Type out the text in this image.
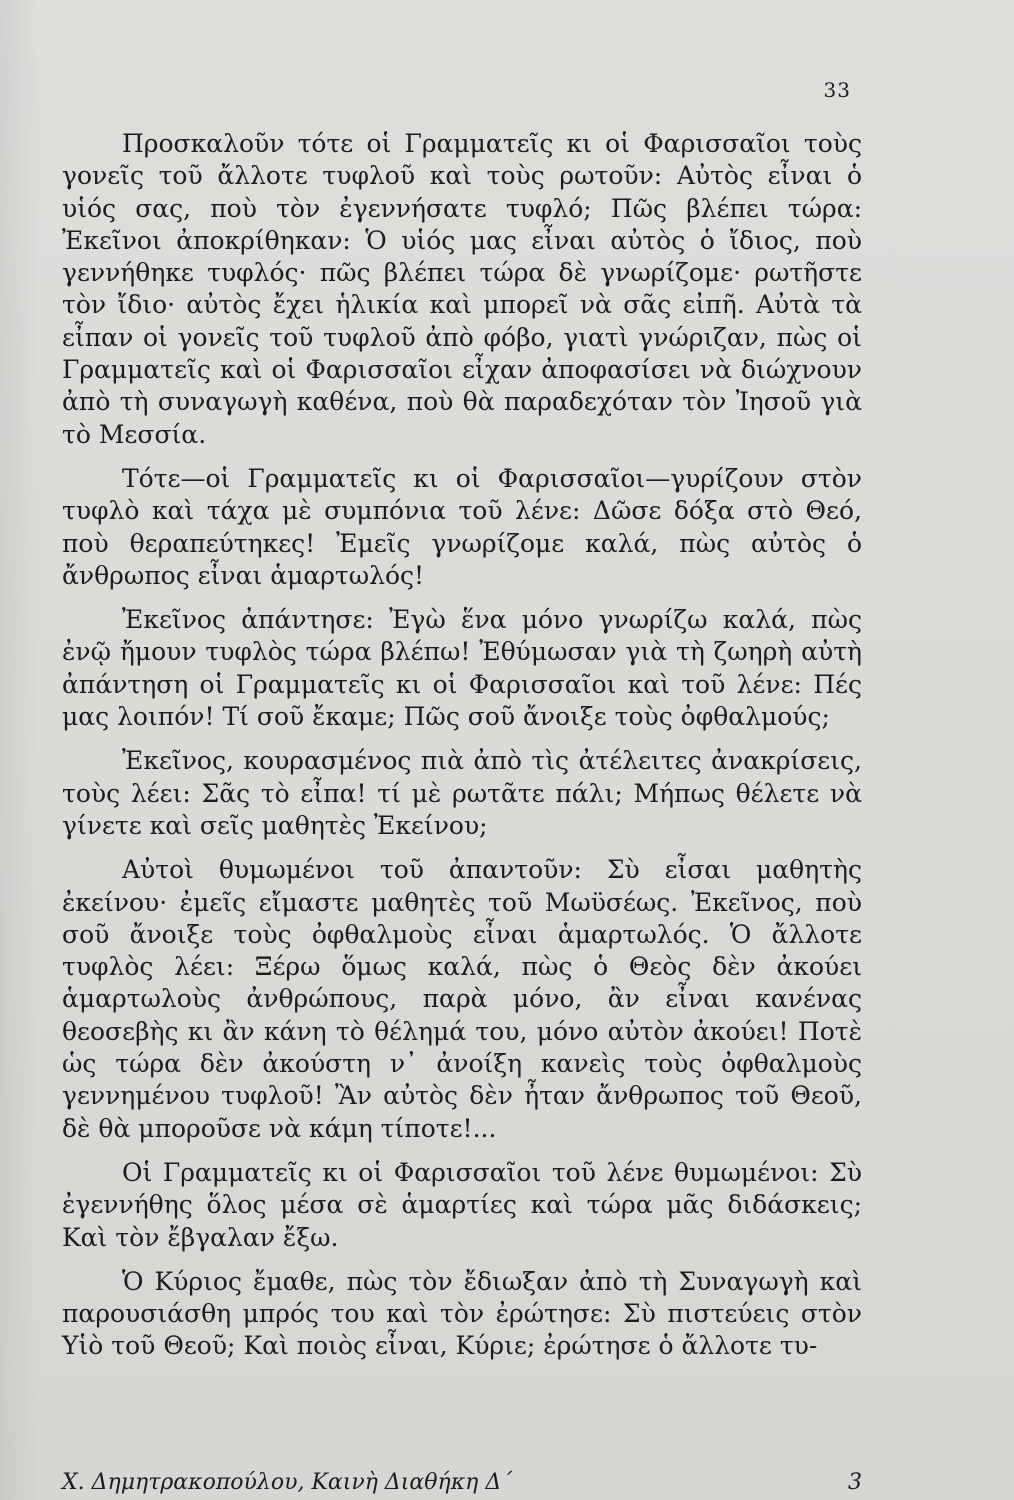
33

Προσκαλοῦν τότε οἱ Γραμματεῖς κι οἱ Φαρισσαῖοι τοὺς γονεῖς τοῦ ἄλλοτε τυφλοῦ καὶ τοὺς ρωτοῦν: Αὐτὸς εἶναι ὁ υἱός σας, ποὺ τὸν ἐγεννήσατε τυφλό; Πῶς βλέπει τώρα: Ἐκεῖνοι ἀποκρίθηκαν: Ὁ υἱός μας εἶναι αὐτὸς ὁ ἴδιος, ποὺ γεννήθηκε τυφλός· πῶς βλέπει τώρα δὲ γνωρίζομε· ρωτῆστε τὸν ἴδιο· αὐτὸς ἔχει ἡλικία καὶ μπορεῖ νὰ σᾶς εἰπῆ. Αὐτὰ τὰ εἶπαν οἱ γονεῖς τοῦ τυφλοῦ ἀπὸ φόβο, γιατὶ γνώριζαν, πὼς οἱ Γραμματεῖς καὶ οἱ Φαρισσαῖοι εἶχαν ἀποφασίσει νὰ διώχνουν ἀπὸ τὴ συναγωγὴ καθένα, ποὺ θὰ παραδεχόταν τὸν Ἰησοῦ γιὰ τὸ Μεσσία.

Τότε—οἱ Γραμματεῖς κι οἱ Φαρισσαῖοι—γυρίζουν στὸν τυφλὸ καὶ τάχα μὲ συμπόνια τοῦ λένε: Δῶσε δόξα στὸ Θεό, ποὺ θεραπεύτηκες! Ἐμεῖς γνωρίζομε καλά, πὼς αὐτὸς ὁ ἄνθρωπος εἶναι ἁμαρτωλός!

Ἐκεῖνος ἀπάντησε: Ἐγὼ ἕνα μόνο γνωρίζω καλά, πὼς ἐνῷ ἤμουν τυφλὸς τώρα βλέπω! Ἐθύμωσαν γιὰ τὴ ζωηρὴ αὐτὴ ἀπάντηση οἱ Γραμματεῖς κι οἱ Φαρισσαῖοι καὶ τοῦ λένε: Πές μας λοιπόν! Τί σοῦ ἔκαμε; Πῶς σοῦ ἄνοιξε τοὺς ὀφθαλμούς;

Ἐκεῖνος, κουρασμένος πιὰ ἀπὸ τὶς ἀτέλειτες ἀνακρίσεις, τοὺς λέει: Σᾶς τὸ εἶπα! τί μὲ ρωτᾶτε πάλι; Μήπως θέλετε νὰ γίνετε καὶ σεῖς μαθητὲς Ἐκείνου;

Αὐτοὶ θυμωμένοι τοῦ ἀπαντοῦν: Σὺ εἶσαι μαθητὴς ἐκείνου· ἐμεῖς εἴμαστε μαθητὲς τοῦ Μωϋσέως. Ἐκεῖνος, ποὺ σοῦ ἄνοιξε τοὺς ὀφθαλμοὺς εἶναι ἁμαρτωλός. Ὁ ἄλλοτε τυφλὸς λέει: Ξέρω ὅμως καλά, πὼς ὁ Θεὸς δὲν ἀκούει ἁμαρτωλοὺς ἀνθρώπους, παρὰ μόνο, ἂν εἶναι κανένας θεοσεβὴς κι ἂν κάνη τὸ θέλημά του, μόνο αὐτὸν ἀκούει! Ποτὲ ὡς τώρα δὲν ἀκούστη ν᾽ ἀνοίξη κανεὶς τοὺς ὀφθαλμοὺς γεννημένου τυφλοῦ! Ἂν αὐτὸς δὲν ἦταν ἄνθρωπος τοῦ Θεοῦ, δὲ θὰ μποροῦσε νὰ κάμη τίποτε!...

Οἱ Γραμματεῖς κι οἱ Φαρισσαῖοι τοῦ λένε θυμωμένοι: Σὺ ἐγεννήθης ὅλος μέσα σὲ ἁμαρτίες καὶ τώρα μᾶς διδάσκεις; Καὶ τὸν ἔβγαλαν ἔξω.

Ὁ Κύριος ἔμαθε, πὼς τὸν ἔδιωξαν ἀπὸ τὴ Συναγωγὴ καὶ παρουσιάσθη μπρός του καὶ τὸν ἐρώτησε: Σὺ πιστεύεις στὸν Υἱὸ τοῦ Θεοῦ; Καὶ ποιὸς εἶναι, Κύριε; ἐρώτησε ὁ ἄλλοτε τυ-

Χ. Δημητρακοπούλου, Καινὴ Διαθήκη Δ΄	3
